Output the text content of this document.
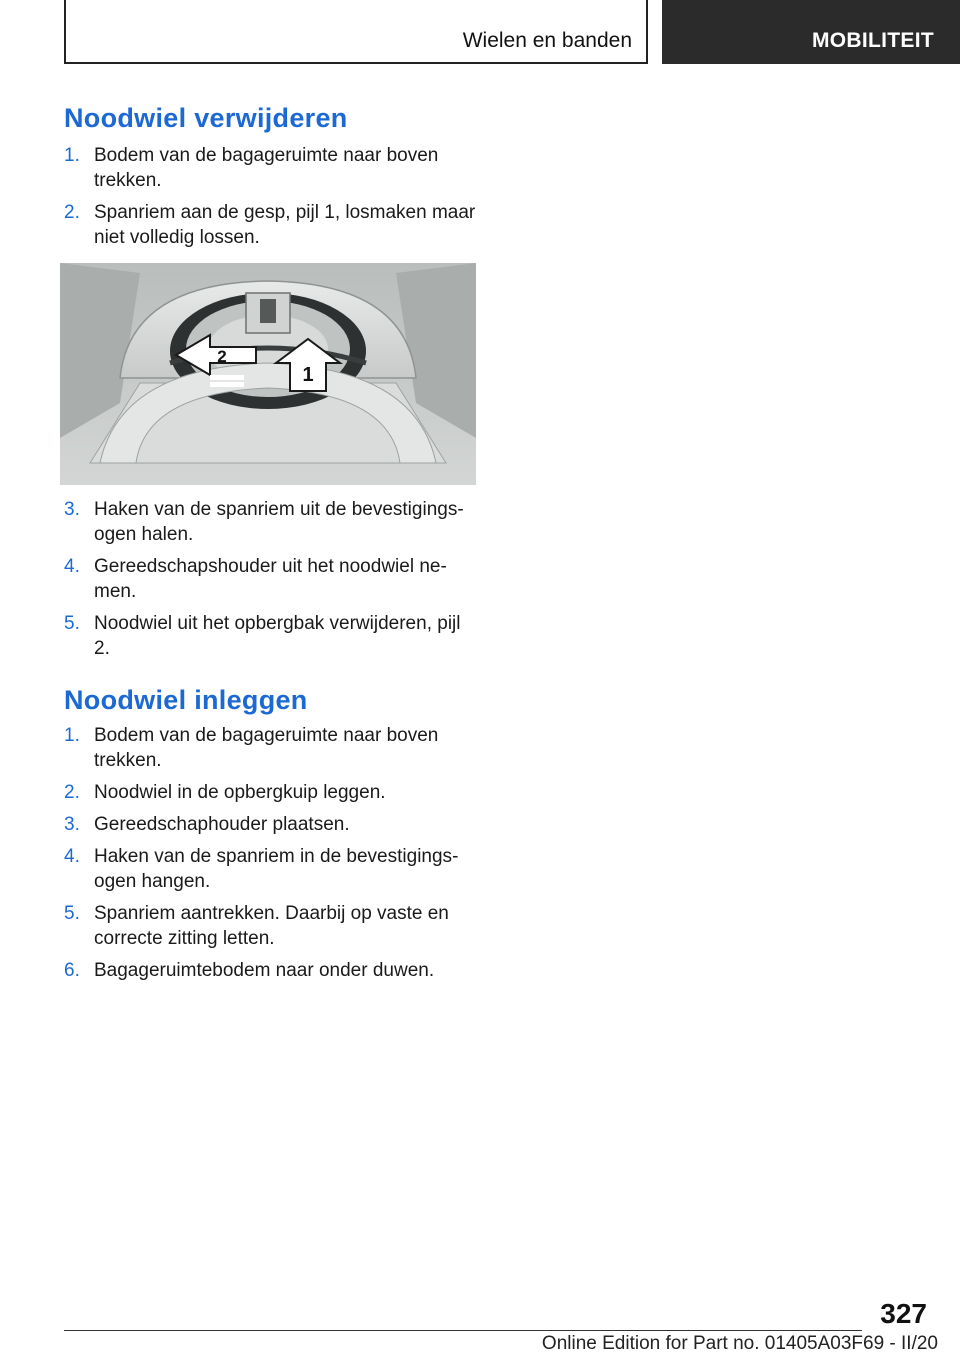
Wielen en banden	MOBILITEIT
Noodwiel verwijderen
1. Bodem van de bagageruimte naar boven trekken.
2. Spanriem aan de gesp, pijl 1, losmaken maar niet volledig lossen.
1
2
3. Haken van de spanriem uit de bevestigingsogen halen.
4. Gereedschapshouder uit het noodwiel nemen.
5. Noodwiel uit het opbergbak verwijderen, pijl 2.
Noodwiel inleggen
1. Bodem van de bagageruimte naar boven trekken.
2. Noodwiel in de opbergkuip leggen.
3. Gereedschaphouder plaatsen.
4. Haken van de spanriem in de bevestigingsogen hangen.
5. Spanriem aantrekken. Daarbij op vaste en correcte zitting letten.
6. Bagageruimtebodem naar onder duwen.
327
Online Edition for Part no. 01405A03F69 - II/20
